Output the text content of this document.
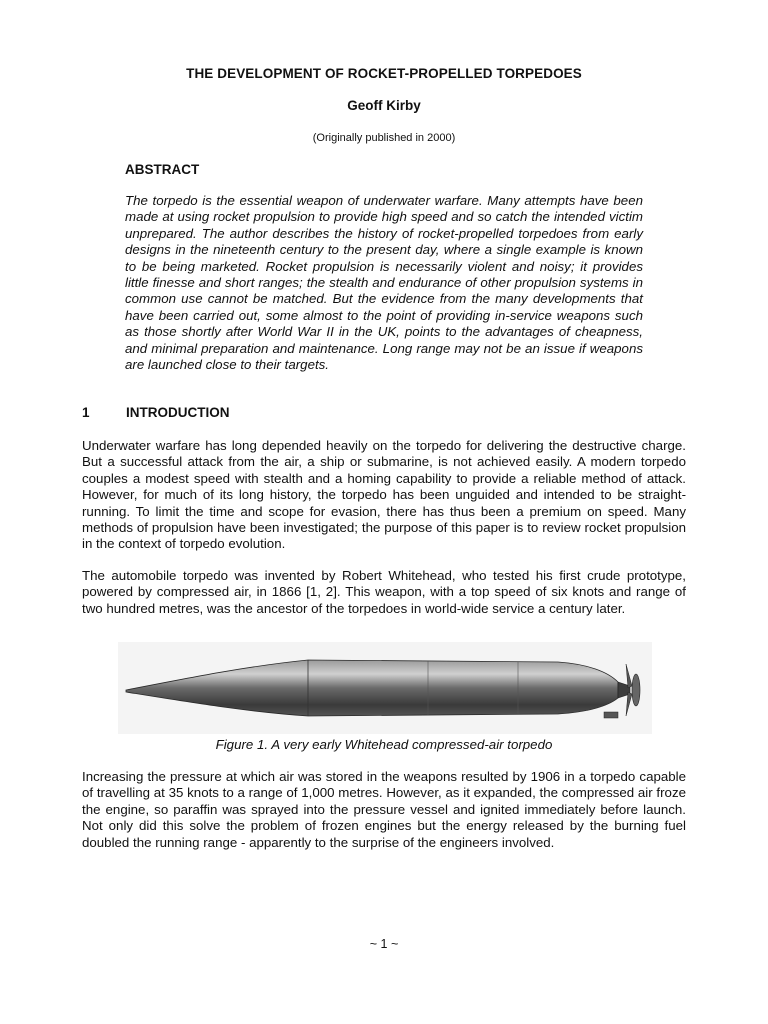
THE DEVELOPMENT OF ROCKET-PROPELLED TORPEDOES
Geoff Kirby
(Originally published in 2000)
ABSTRACT

The torpedo is the essential weapon of underwater warfare. Many attempts have been made at using rocket propulsion to provide high speed and so catch the intended victim unprepared. The author describes the history of rocket-propelled torpedoes from early designs in the nineteenth century to the present day, where a single example is known to be being marketed. Rocket propulsion is necessarily violent and noisy; it provides little finesse and short ranges; the stealth and endurance of other propulsion systems in common use cannot be matched. But the evidence from the many developments that have been carried out, some almost to the point of providing in-service weapons such as those shortly after World War II in the UK, points to the advantages of cheapness, and minimal preparation and maintenance. Long range may not be an issue if weapons are launched close to their targets.

1	INTRODUCTION

Underwater warfare has long depended heavily on the torpedo for delivering the destructive charge. But a successful attack from the air, a ship or submarine, is not achieved easily. A modern torpedo couples a modest speed with stealth and a homing capability to provide a reliable method of attack. However, for much of its long history, the torpedo has been unguided and intended to be straight-running. To limit the time and scope for evasion, there has thus been a premium on speed. Many methods of propulsion have been investigated; the purpose of this paper is to review rocket propulsion in the context of torpedo evolution.

The automobile torpedo was invented by Robert Whitehead, who tested his first crude prototype, powered by compressed air, in 1866 [1, 2]. This weapon, with a top speed of six knots and range of two hundred metres, was the ancestor of the torpedoes in world-wide service a century later.

Figure 1. A very early Whitehead compressed-air torpedo

Increasing the pressure at which air was stored in the weapons resulted by 1906 in a torpedo capable of travelling at 35 knots to a range of 1,000 metres. However, as it expanded, the compressed air froze the engine, so paraffin was sprayed into the pressure vessel and ignited immediately before launch. Not only did this solve the problem of frozen engines but the energy released by the burning fuel doubled the running range - apparently to the surprise of the engineers involved.

~ 1 ~
